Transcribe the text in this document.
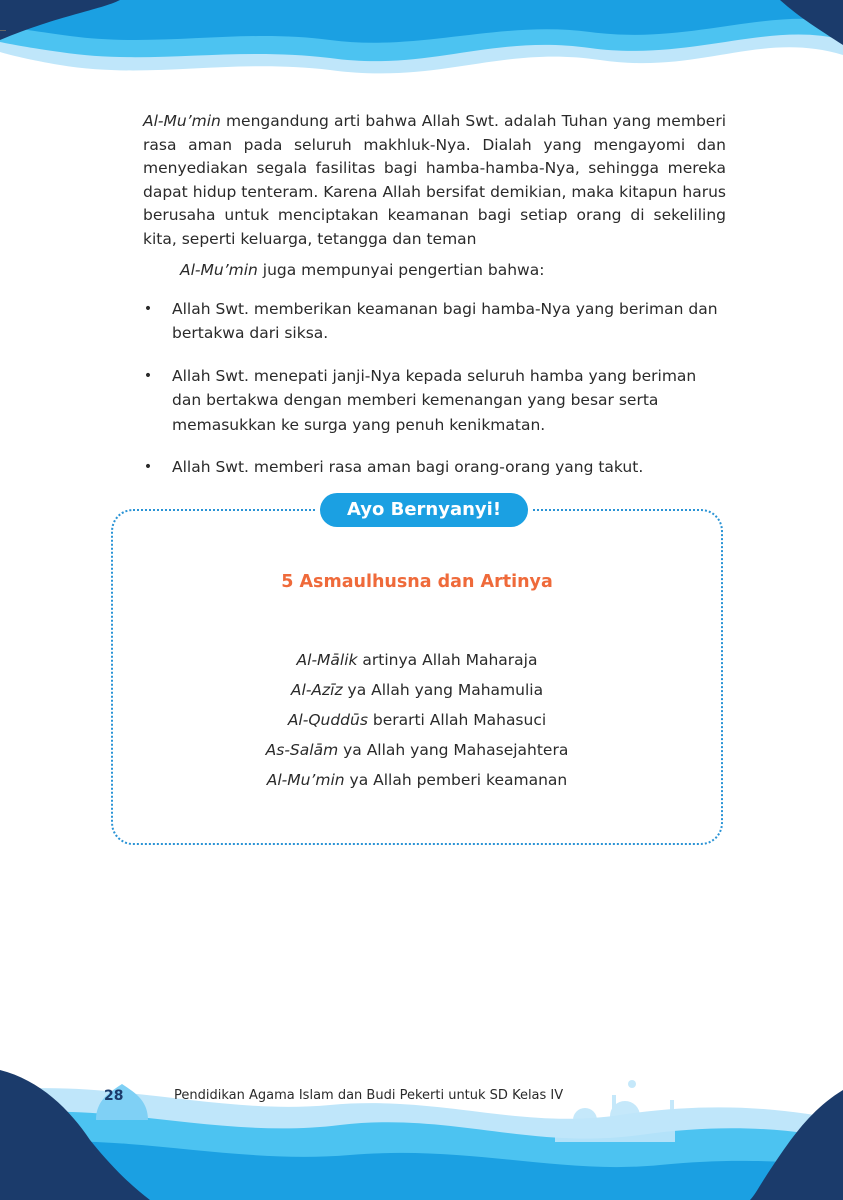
Al-Mu’min mengandung arti bahwa Allah Swt. adalah Tuhan yang memberi rasa aman pada seluruh makhluk-Nya. Dialah yang mengayomi dan menyediakan segala fasilitas bagi hamba-hamba-Nya, sehingga mereka dapat hidup tenteram. Karena Allah bersifat demikian, maka kitapun harus berusaha untuk menciptakan keamanan bagi setiap orang di sekeliling kita, seperti keluarga, tetangga dan teman

Al-Mu’min juga mempunyai pengertian bahwa:
• Allah Swt. memberikan keamanan bagi hamba-Nya yang beriman dan bertakwa dari siksa.
• Allah Swt. menepati janji-Nya kepada seluruh hamba yang beriman dan bertakwa dengan memberi kemenangan yang besar serta memasukkan ke surga yang penuh kenikmatan.
• Allah Swt. memberi rasa aman bagi orang-orang yang takut.
Ayo Bernyanyi!
5 Asmaulhusna dan Artinya
Al-Mālik artinya Allah Maharaja
Al-Azīz ya Allah yang Mahamulia
Al-Quddūs berarti Allah Mahasuci
As-Salām ya Allah yang Mahasejahtera
Al-Mu’min ya Allah pemberi keamanan
28	Pendidikan Agama Islam dan Budi Pekerti untuk SD Kelas IV
